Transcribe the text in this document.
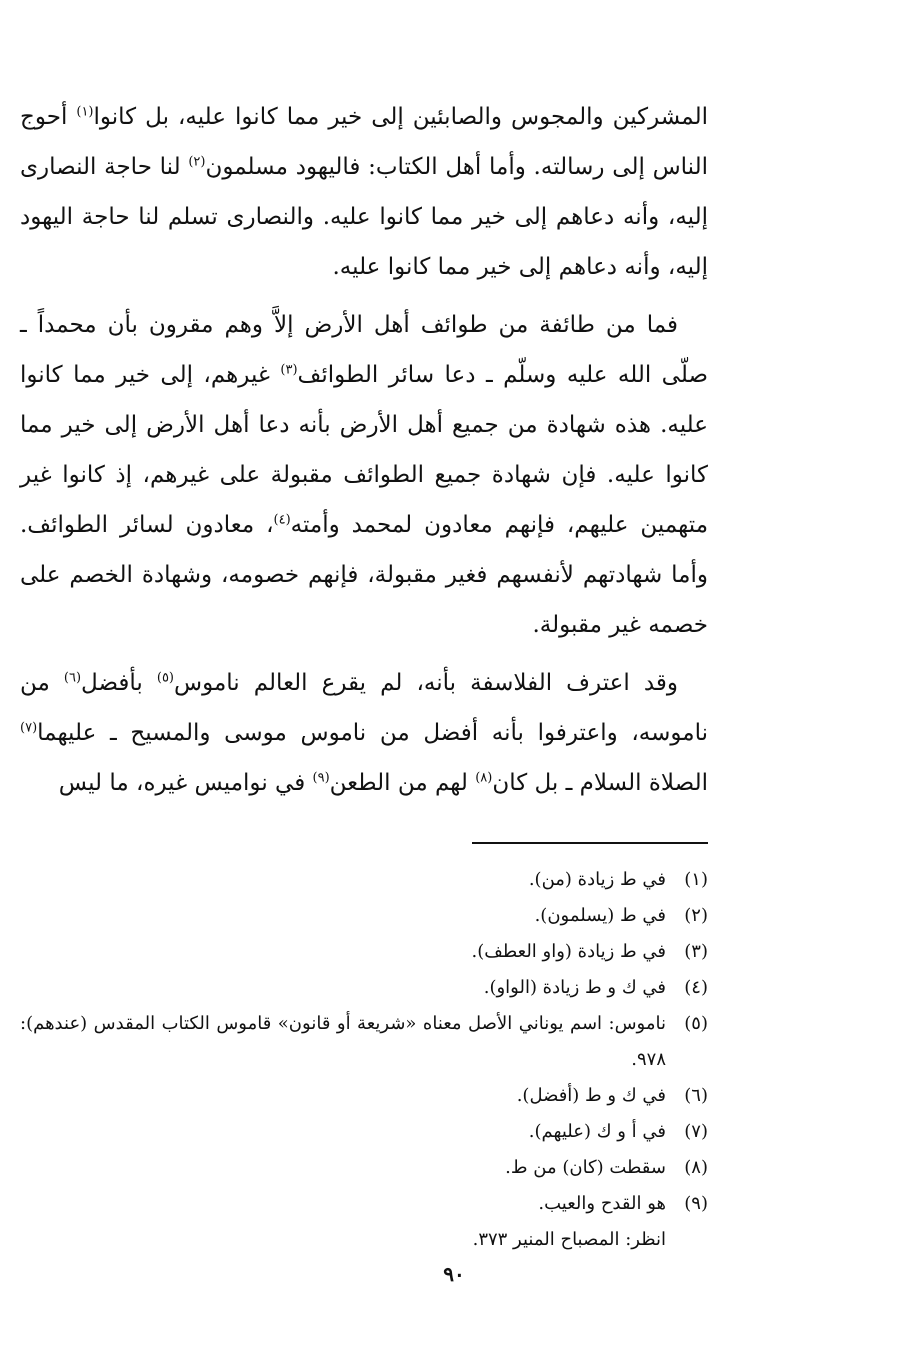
المشركين والمجوس والصابئين إلى خير مما كانوا عليه، بل كانوا$^{(١)}$ أحوج الناس إلى رسالته. وأما أهل الكتاب: فاليهود مسلمون$^{(٢)}$ لنا حاجة النصارى إليه، وأنه دعاهم إلى خير مما كانوا عليه. والنصارى تسلم لنا حاجة اليهود إليه، وأنه دعاهم إلى خير مما كانوا عليه.

فما من طائفة من طوائف أهل الأرض إلاَّ وهم مقرون بأن محمداً ـ صلّى الله عليه وسلّم ـ دعا سائر الطوائف$^{(٣)}$ غيرهم، إلى خير مما كانوا عليه. هذه شهادة من جميع أهل الأرض بأنه دعا أهل الأرض إلى خير مما كانوا عليه. فإن شهادة جميع الطوائف مقبولة على غيرهم، إذ كانوا غير متهمين عليهم، فإنهم معادون لمحمد وأمته$^{(٤)}$، معادون لسائر الطوائف. وأما شهادتهم لأنفسهم فغير مقبولة، فإنهم خصومه، وشهادة الخصم على خصمه غير مقبولة.

وقد اعترف الفلاسفة بأنه، لم يقرع العالم ناموس$^{(٥)}$ بأفضل$^{(٦)}$ من ناموسه، واعترفوا بأنه أفضل من ناموس موسى والمسيح ـ عليهما$^{(٧)}$ الصلاة السلام ـ بل كان$^{(٨)}$ لهم من الطعن$^{(٩)}$ في نواميس غيره، ما ليس

(١)
في ط زيادة (من).
(٢)
في ط (يسلمون).
(٣)
في ط زيادة (واو العطف).
(٤)
في ك و ط زيادة (الواو).
(٥)
ناموس: اسم يوناني الأصل معناه «شريعة أو قانون» قاموس الكتاب المقدس (عندهم): ٩٧٨.
(٦)
في ك و ط (أفضل).
(٧)
في أ و ك (عليهم).
(٨)
سقطت (كان) من ط.
(٩)
هو القدح والعيب.
انظر: المصباح المنير ٣٧٣.
٩٠
